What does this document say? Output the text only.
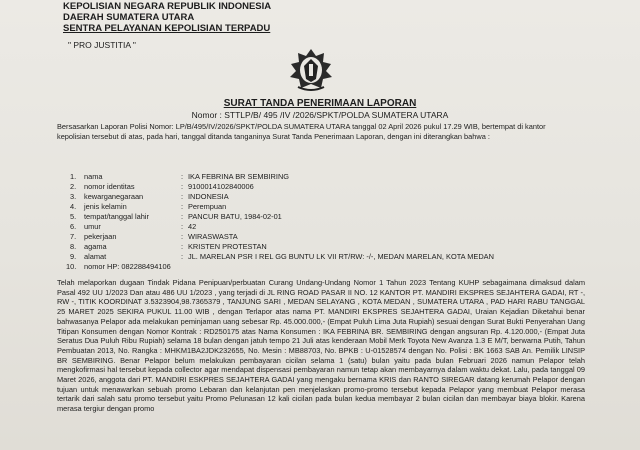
KEPOLISIAN NEGARA REPUBLIK INDONESIA
DAERAH SUMATERA UTARA
SENTRA PELAYANAN KEPOLISIAN TERPADU
" PRO JUSTITIA "
SURAT TANDA PENERIMAAN LAPORAN
Nomor : STTLP/B/ 495 /IV /2026/SPKT/POLDA SUMATERA UTARA
Bersasarkan Laporan Polisi Nomor: LP/B/495/IV/2026/SPKT/POLDA SUMATERA UTARA tanggal 02 April 2026 pukul 17.29 WIB, bertempat di kantor kepolisian tersebut di atas, pada hari, tanggal ditanda tanganinya Surat Tanda Penerimaan Laporan, dengan ini diterangkan bahwa :
1.	nama	: IKA FEBRINA BR SEMBIRING
2.	nomor identitas	: 9100014102840006
3.	kewarganegaraan	: INDONESIA
4.	jenis kelamin	: Perempuan
5.	tempat/tanggal lahir	: PANCUR BATU, 1984-02-01
6.	umur	: 42
7.	pekerjaan	: WIRASWASTA
8.	agama	: KRISTEN PROTESTAN
9.	alamat	: JL. MARELAN PSR I REL GG BUNTU LK VII RT/RW: -/-, MEDAN MARELAN, KOTA MEDAN
10. nomor HP: 082288494106
Telah melaporkan dugaan Tindak Pidana Penipuan/perbuatan Curang Undang-Undang Nomor 1 Tahun 2023 Tentang KUHP sebagaimana dimaksud dalam Pasal 492 UU 1/2023 Dan atau 486 UU 1/2023 , yang terjadi di JL RING ROAD PASAR II NO. 12 KANTOR PT. MANDIRI EKSPRES SEJAHTERA GADAI, RT -, RW -, TITIK KOORDINAT 3.5323904,98.7365379 , TANJUNG SARI , MEDAN SELAYANG , KOTA MEDAN , SUMATERA UTARA , PAD HARI RABU TANGGAL 25 MARET 2025 SEKIRA PUKUL 11.00 WIB , dengan Terlapor atas nama PT. MANDIRI EKSPRES SEJAHTERA GADAI, Uraian Kejadian Diketahui benar bahwasanya Pelapor ada melakukan peminjaman uang sebesar Rp. 45.000.000,- (Empat Puluh Lima Juta Rupiah) sesuai dengan Surat Bukti Penyerahan Uang Titipan Konsumen dengan Nomor Kontrak : RD250175 atas Nama Konsumen : IKA FEBRINA BR. SEMBIRING dengan angsuran Rp. 4.120.000,- (Empat Juta Seratus Dua Puluh Ribu Rupiah) selama 18 bulan dengan jatuh tempo 21 Juli atas kenderaan Mobil Merk Toyota New Avanza 1.3 E M/T, berwarna Putih, Tahun Pembuatan 2013, No. Rangka : MHKM1BA2JDK232655, No. Mesin : MB88703, No. BPKB : U-01528574 dengan No. Polisi : BK 1663 SAB An. Pemilik LINSIP BR SEMBIRING. Benar Pelapor belum melakukan pembayaran cicilan selama 1 (satu) bulan yaitu pada bulan Februari 2026 namun Pelapor telah mengkofirmasi hal tersebut kepada collector agar mendapat dispensasi pembayaran namun tetap akan membayarnya dalam waktu dekat. Lalu, pada tanggal 09 Maret 2026, anggota dari PT. MANDIRI ESKPRES SEJAHTERA GADAI yang mengaku bernama KRIS dan RANTO SIREGAR datang kerumah Pelapor dengan tujuan untuk menawarkan sebuah promo Lebaran dan kelanjutan pen menjelaskan promo-promo tersebut kepada Pelapor yang membuat Pelapor merasa tertarik dari salah satu promo tersebut yaitu Promo Pelunasan 12 kali cicilan pada bulan kedua membayar 2 bulan cicilan dan membayar biaya blokir. Karena merasa tergiur dengan promo
